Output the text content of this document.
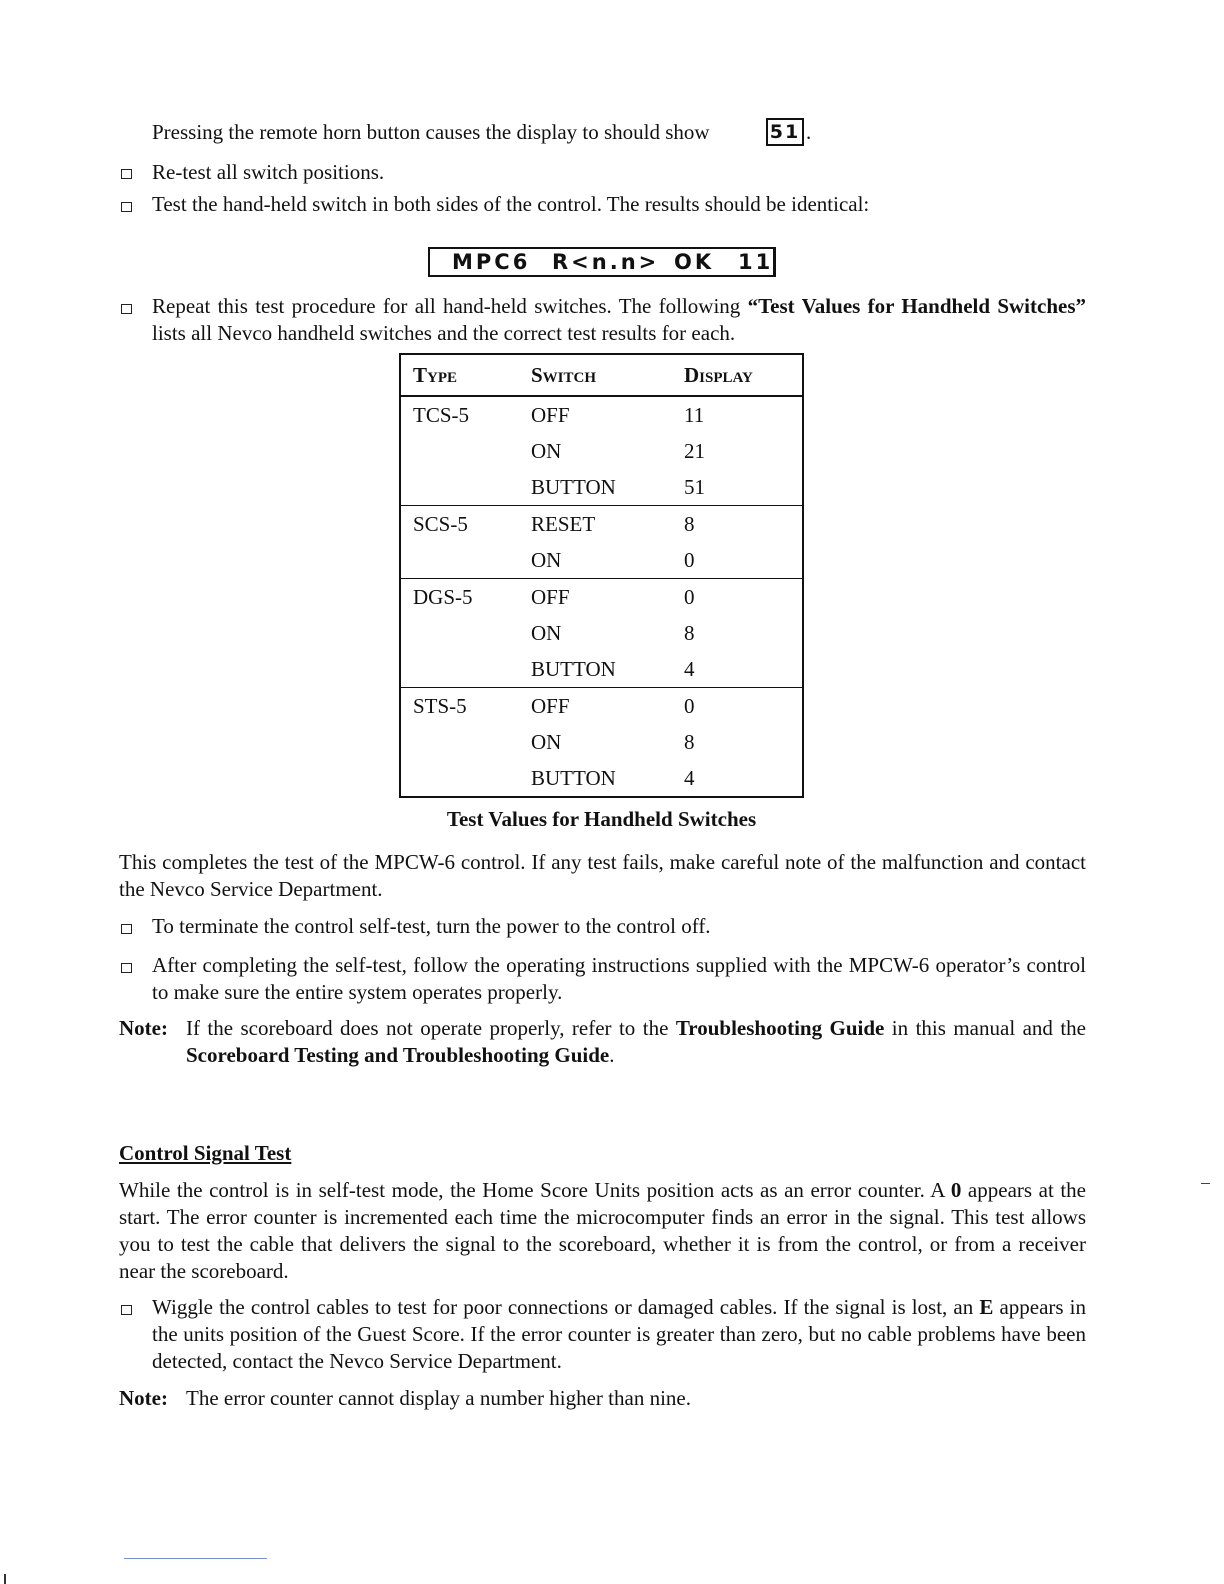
Pressing the remote horn button causes the display to should show	51 .
Re-test all switch positions.
Test the hand-held switch in both sides of the control. The results should be identical:
MPC6 R<n.n> OK 11
Repeat this test procedure for all hand-held switches. The following “Test Values for Handheld Switches” lists all Nevco handheld switches and the correct test results for each.
Type	Switch	Display
TCS-5	OFF	11
	ON	21
	BUTTON	51
SCS-5	RESET	8
	ON	0
DGS-5	OFF	0
	ON	8
	BUTTON	4
STS-5	OFF	0
	ON	8
	BUTTON	4
Test Values for Handheld Switches
This completes the test of the MPCW-6 control. If any test fails, make careful note of the malfunction and contact the Nevco Service Department.
To terminate the control self-test, turn the power to the control off.
After completing the self-test, follow the operating instructions supplied with the MPCW-6 operator’s control to make sure the entire system operates properly.
Note: If the scoreboard does not operate properly, refer to the Troubleshooting Guide in this manual and the Scoreboard Testing and Troubleshooting Guide.
Control Signal Test
While the control is in self-test mode, the Home Score Units position acts as an error counter. A 0 appears at the start. The error counter is incremented each time the microcomputer finds an error in the signal. This test allows you to test the cable that delivers the signal to the scoreboard, whether it is from the control, or from a receiver near the scoreboard.
Wiggle the control cables to test for poor connections or damaged cables. If the signal is lost, an E appears in the units position of the Guest Score. If the error counter is greater than zero, but no cable problems have been detected, contact the Nevco Service Department.
Note: The error counter cannot display a number higher than nine.
